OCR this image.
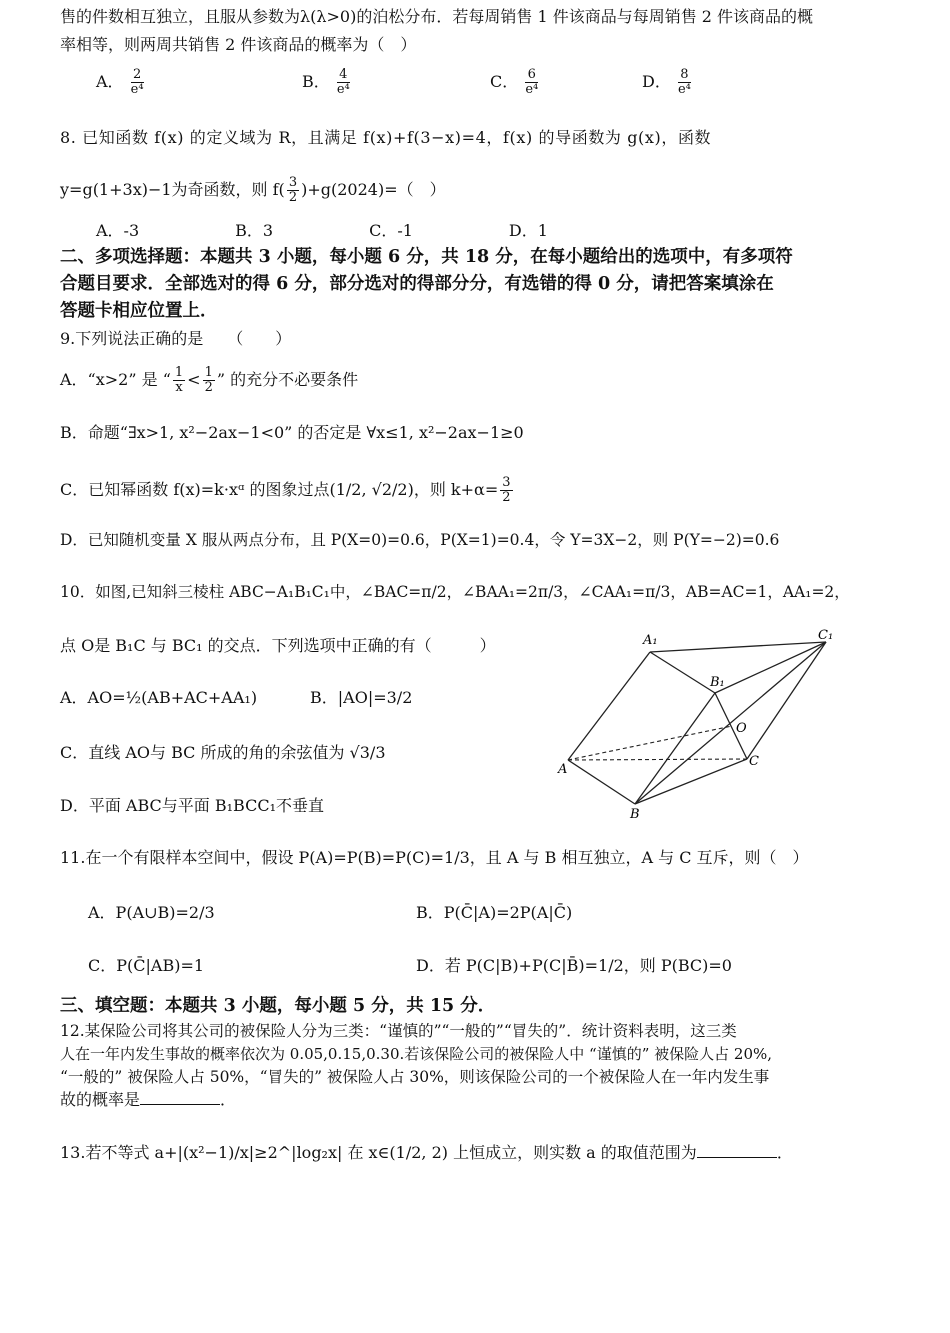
售的件数相互独立，且服从参数为λ(λ>0)的泊松分布．若每周销售 1 件该商品与每周销售 2 件该商品的概
率相等，则两周共销售 2 件该商品的概率为（　）
A． $\frac{2}{\text{e⁴}}$	B． $\frac{4}{\text{e⁴}}$	C． $\frac{6}{\text{e⁴}}$	D． $\frac{8}{\text{e⁴}}$
8. 已知函数 f(x) 的定义域为 R，且满足 f(x)+f(3−x)=4，f(x) 的导函数为 g(x)，函数
y=g(1+3x)−1为奇函数，则 $f( \frac{3}{2} )+g(2024)=$（　）
A．-3　　　　　　B．3　　　　　　C．-1　　　　　　D．1
二、多项选择题：本题共 3 小题，每小题 6 分，共 18 分，在每小题给出的选项中，有多项符
合题目要求．全部选对的得 6 分，部分选对的得部分分，有选错的得 0 分，请把答案填涂在
答题卡相应位置上．
9.下列说法正确的是　　（　　）
A．“x>2” 是 “ $\frac{1}{x} < \frac{1}{2}$ ” 的充分不必要条件
B．命题“∃x>1, x²−2ax−1<0” 的否定是 ∀x≤1, x²−2ax−1≥0
C．已知幂函数 f(x)=k·xᵅ 的图象过点(1/2, √2/2)，则 $k+\alpha= \frac{3}{2}$
D．已知随机变量 X 服从两点分布，且 P(X=0)=0.6，P(X=1)=0.4，令 Y=3X−2，则 P(Y=−2)=0.6
10．如图,已知斜三棱柱 ABC−A₁B₁C₁中，∠BAC=π/2，∠BAA₁=2π/3，∠CAA₁=π/3，AB=AC=1，AA₁=2，
点 O是 B₁C 与 BC₁ 的交点．下列选项中正确的有（　　　）
A．AO=½(AB+AC+AA₁)	B．|AO|=3/2
C．直线 AO与 BC 所成的角的余弦值为 √3/3
D．平面 ABC与平面 B₁BCC₁不垂直
A₁	C₁
B₁
O
A
C
B
11.在一个有限样本空间中，假设 P(A)=P(B)=P(C)=1/3，且 A 与 B 相互独立，A 与 C 互斥，则（　）
A．P(A∪B)=2/3	B．P(C̄|A)=2P(A|C̄)
C．P(C̄|AB)=1	D．若 P(C|B)+P(C|B̄)=1/2，则 P(BC)=0
三、填空题：本题共 3 小题，每小题 5 分，共 15 分．
12.某保险公司将其公司的被保险人分为三类：“谨慎的”“一般的”“冒失的”．统计资料表明，这三类
人在一年内发生事故的概率依次为 0.05,0.15,0.30.若该保险公司的被保险人中 “谨慎的” 被保险人占 20%,
“一般的” 被保险人占 50%，“冒失的” 被保险人占 30%，则该保险公司的一个被保险人在一年内发生事
故的概率是	．
13.若不等式 a+|(x²−1)/x|≥2^|log₂x| 在 x∈(1/2, 2) 上恒成立，则实数 a 的取值范围为	．
